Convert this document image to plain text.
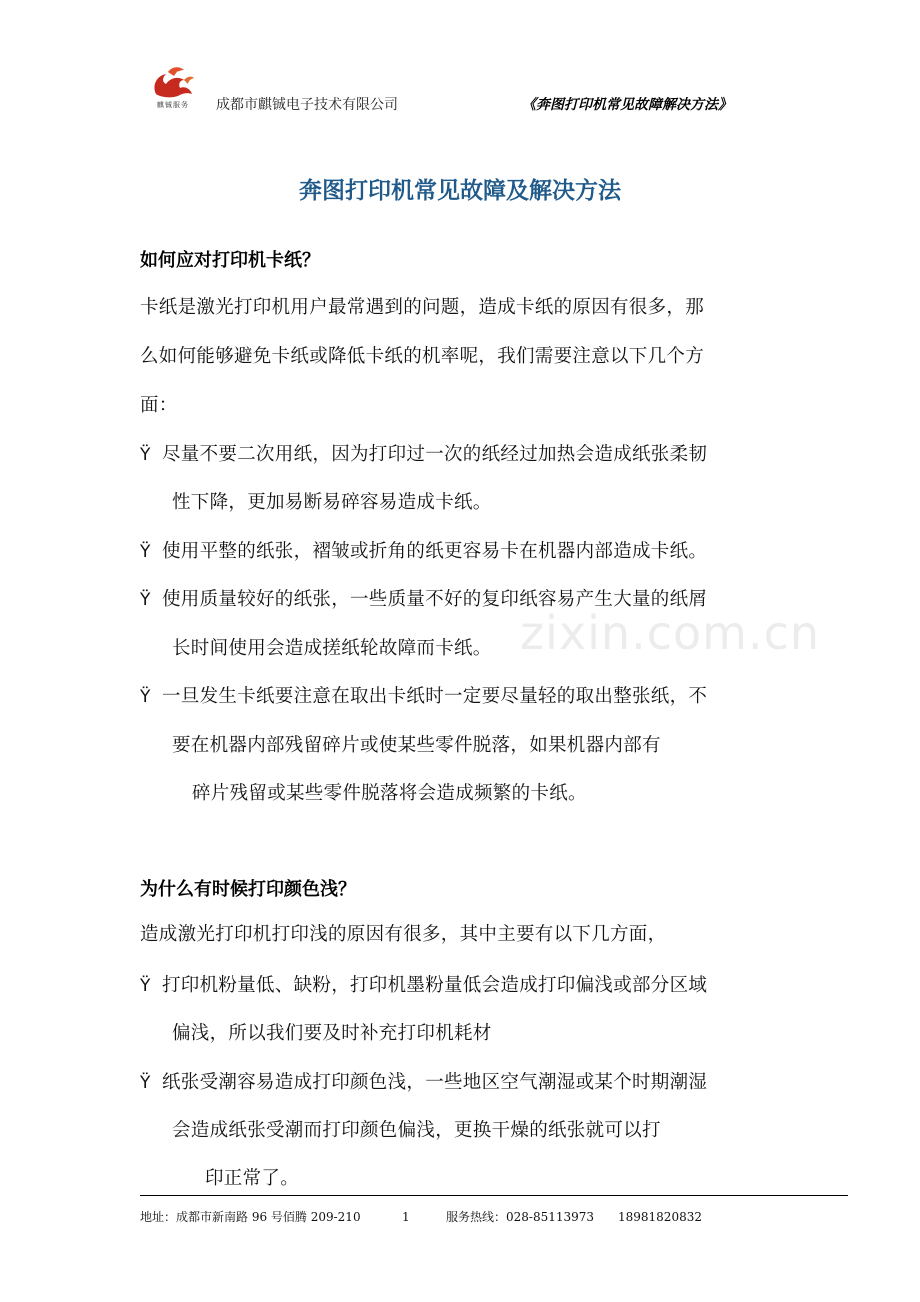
麒铖服务	成都市麒铖电子技术有限公司	《奔图打印机常见故障解决方法》
奔图打印机常见故障及解决方法
如何应对打印机卡纸？
卡纸是激光打印机用户最常遇到的问题，造成卡纸的原因有很多，那
么如何能够避免卡纸或降低卡纸的机率呢，我们需要注意以下几个方
面：
Ÿ 尽量不要二次用纸，因为打印过一次的纸经过加热会造成纸张柔韧
性下降，更加易断易碎容易造成卡纸。
Ÿ 使用平整的纸张，褶皱或折角的纸更容易卡在机器内部造成卡纸。
Ÿ 使用质量较好的纸张，一些质量不好的复印纸容易产生大量的纸屑
长时间使用会造成搓纸轮故障而卡纸。
Ÿ 一旦发生卡纸要注意在取出卡纸时一定要尽量轻的取出整张纸，不
要在机器内部残留碎片或使某些零件脱落，如果机器内部有
碎片残留或某些零件脱落将会造成频繁的卡纸。
zixin.com.cn
为什么有时候打印颜色浅？
造成激光打印机打印浅的原因有很多，其中主要有以下几方面，
Ÿ 打印机粉量低、缺粉，打印机墨粉量低会造成打印偏浅或部分区域
偏浅，所以我们要及时补充打印机耗材
Ÿ 纸张受潮容易造成打印颜色浅，一些地区空气潮湿或某个时期潮湿
会造成纸张受潮而打印颜色偏浅，更换干燥的纸张就可以打
印正常了。
地址：成都市新南路 96 号佰腾 209-210	1	服务热线：028-85113973 18981820832
